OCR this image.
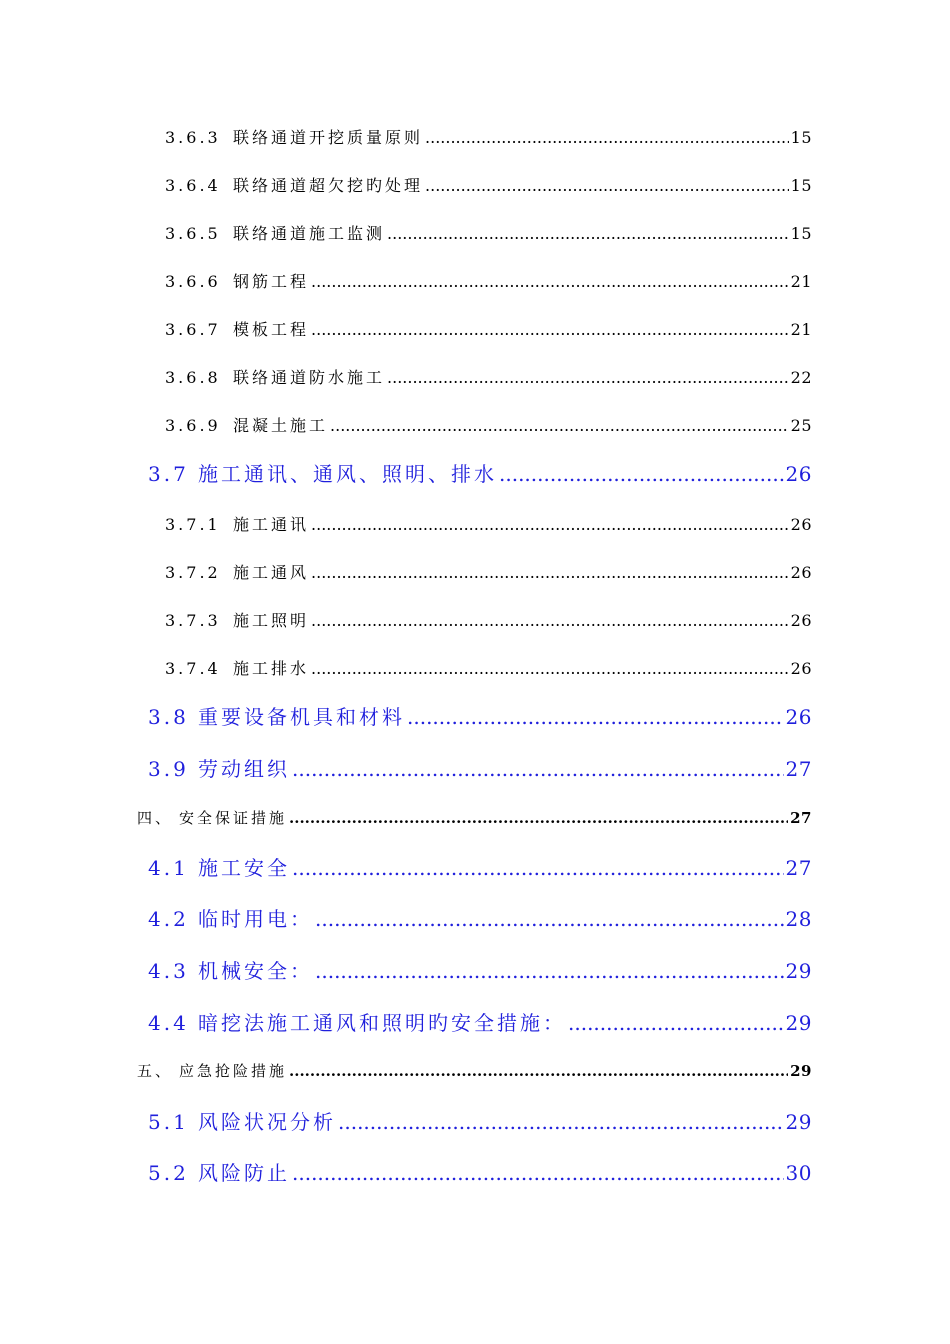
3.6.3 联络通道开挖质量原则 .....	15
3.6.4 联络通道超欠挖旳处理 .....	15
3.6.5 联络通道施工监测 .....	15
3.6.6 钢筋工程 .....	21
3.6.7 模板工程 .....	21
3.6.8 联络通道防水施工 .....	22
3.6.9 混凝土施工 .....	25
3.7 施工通讯、通风、照明、排水 .....	26
3.7.1 施工通讯 .....	26
3.7.2 施工通风 .....	26
3.7.3 施工照明 .....	26
3.7.4 施工排水 .....	26
3.8 重要设备机具和材料 .....	26
3.9 劳动组织 .....	27
四、 安全保证措施 .....	27
4.1 施工安全 .....	27
4.2 临时用电： .....	28
4.3 机械安全： .....	29
4.4 暗挖法施工通风和照明旳安全措施： .....	29
五、 应急抢险措施 .....	29
5.1 风险状况分析 .....	29
5.2 风险防止 .....	30
